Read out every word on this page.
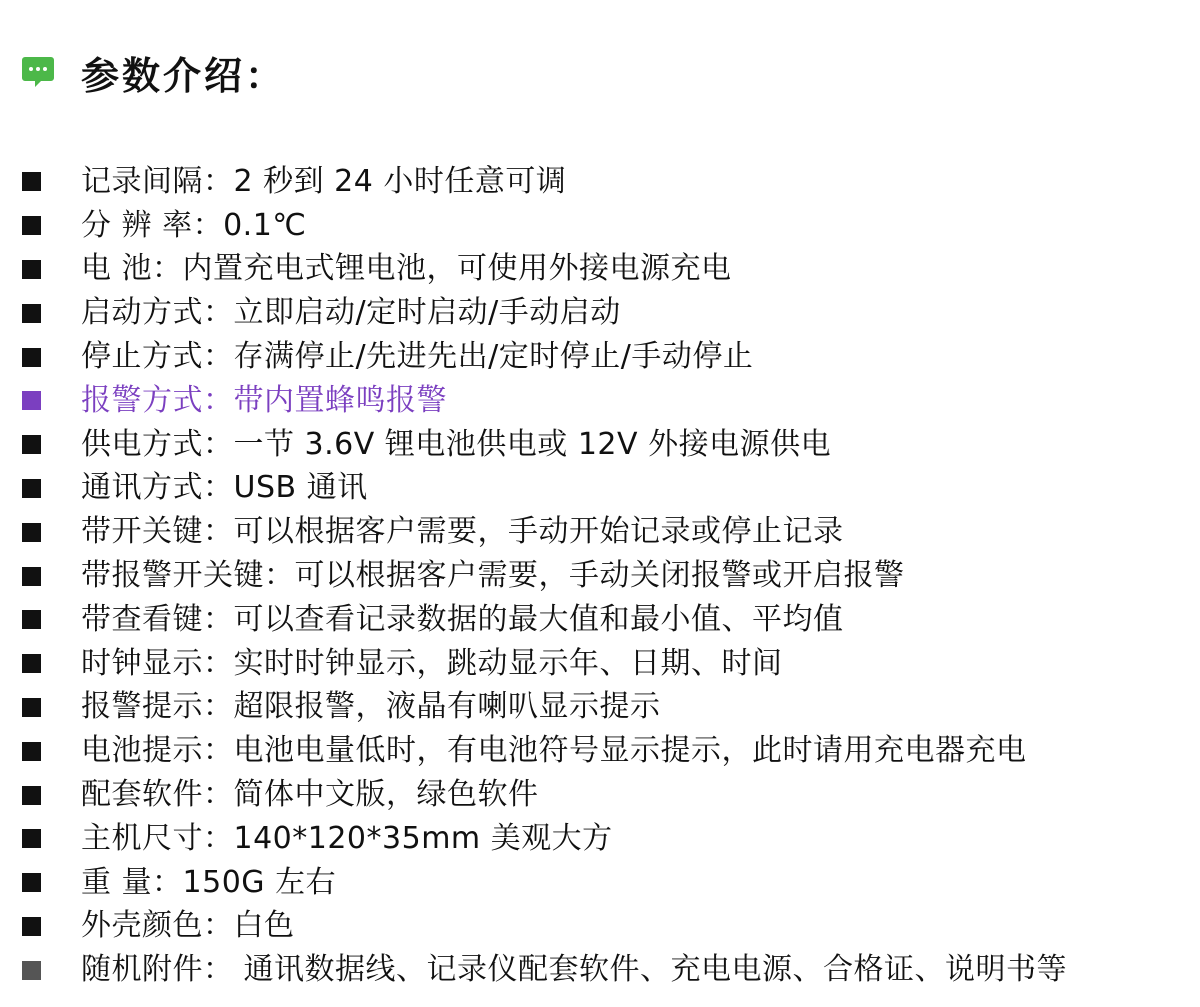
参数介绍：
记录间隔：2 秒到 24 小时任意可调
分 辨 率：0.1℃
电 池：内置充电式锂电池，可使用外接电源充电
启动方式：立即启动/定时启动/手动启动
停止方式：存满停止/先进先出/定时停止/手动停止
报警方式：带内置蜂鸣报警
供电方式：一节 3.6V 锂电池供电或 12V 外接电源供电
通讯方式：USB 通讯
带开关键：可以根据客户需要，手动开始记录或停止记录
带报警开关键：可以根据客户需要，手动关闭报警或开启报警
带查看键：可以查看记录数据的最大值和最小值、平均值
时钟显示：实时时钟显示，跳动显示年、日期、时间
报警提示：超限报警，液晶有喇叭显示提示
电池提示：电池电量低时，有电池符号显示提示，此时请用充电器充电
配套软件：简体中文版，绿色软件
主机尺寸：140*120*35mm 美观大方
重 量：150G 左右
外壳颜色：白色
随机附件： 通讯数据线、记录仪配套软件、充电电源、合格证、说明书等
